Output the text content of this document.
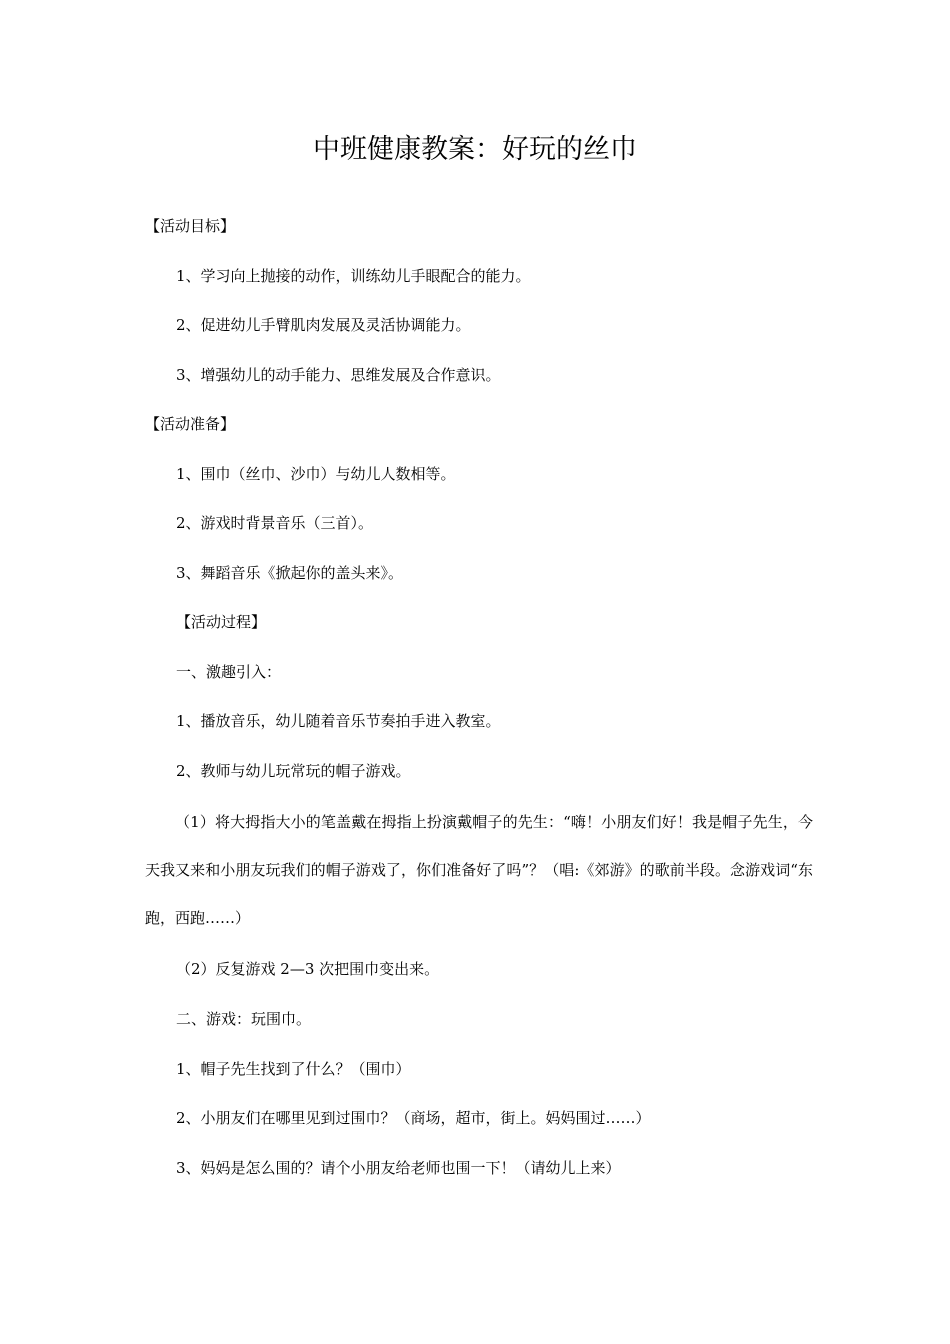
中班健康教案：好玩的丝巾
【活动目标】
1、学习向上抛接的动作，训练幼儿手眼配合的能力。
2、促进幼儿手臂肌肉发展及灵活协调能力。
3、增强幼儿的动手能力、思维发展及合作意识。
【活动准备】
1、围巾（丝巾、沙巾）与幼儿人数相等。
2、游戏时背景音乐（三首）。
3、舞蹈音乐《掀起你的盖头来》。
【活动过程】
一、激趣引入：
1、播放音乐，幼儿随着音乐节奏拍手进入教室。
2、教师与幼儿玩常玩的帽子游戏。
（1）将大拇指大小的笔盖戴在拇指上扮演戴帽子的先生：“嗨！小朋友们好！我是帽子先生，今天我又来和小朋友玩我们的帽子游戏了，你们准备好了吗”？（唱:《郊游》的歌前半段。念游戏词“东跑，西跑……）
（2）反复游戏 2—3 次把围巾变出来。
二、游戏：玩围巾。
1、帽子先生找到了什么？（围巾）
2、小朋友们在哪里见到过围巾？（商场，超市，街上。妈妈围过……）
3、妈妈是怎么围的？请个小朋友给老师也围一下！（请幼儿上来）
